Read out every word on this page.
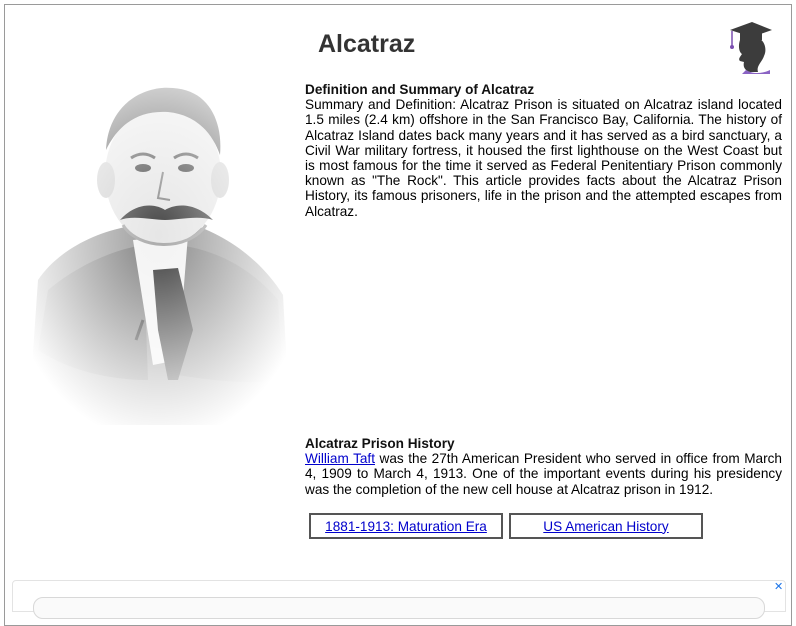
Alcatraz
Definition and Summary of Alcatraz

Summary and Definition: Alcatraz Prison is situated on Alcatraz island located 1.5 miles (2.4 km) offshore in the San Francisco Bay, California. The history of Alcatraz Island dates back many years and it has served as a bird sanctuary, a Civil War military fortress, it housed the first lighthouse on the West Coast but is most famous for the time it served as Federal Penitentiary Prison commonly known as "The Rock". This article provides facts about the Alcatraz Prison History, its famous prisoners, life in the prison and the attempted escapes from Alcatraz.

Alcatraz Prison History

William Taft was the 27th American President who served in office from March 4, 1909 to March 4, 1913. One of the important events during his presidency was the completion of the new cell house at Alcatraz prison in 1912.

1881-1913: Maturation Era	US American History
✕
